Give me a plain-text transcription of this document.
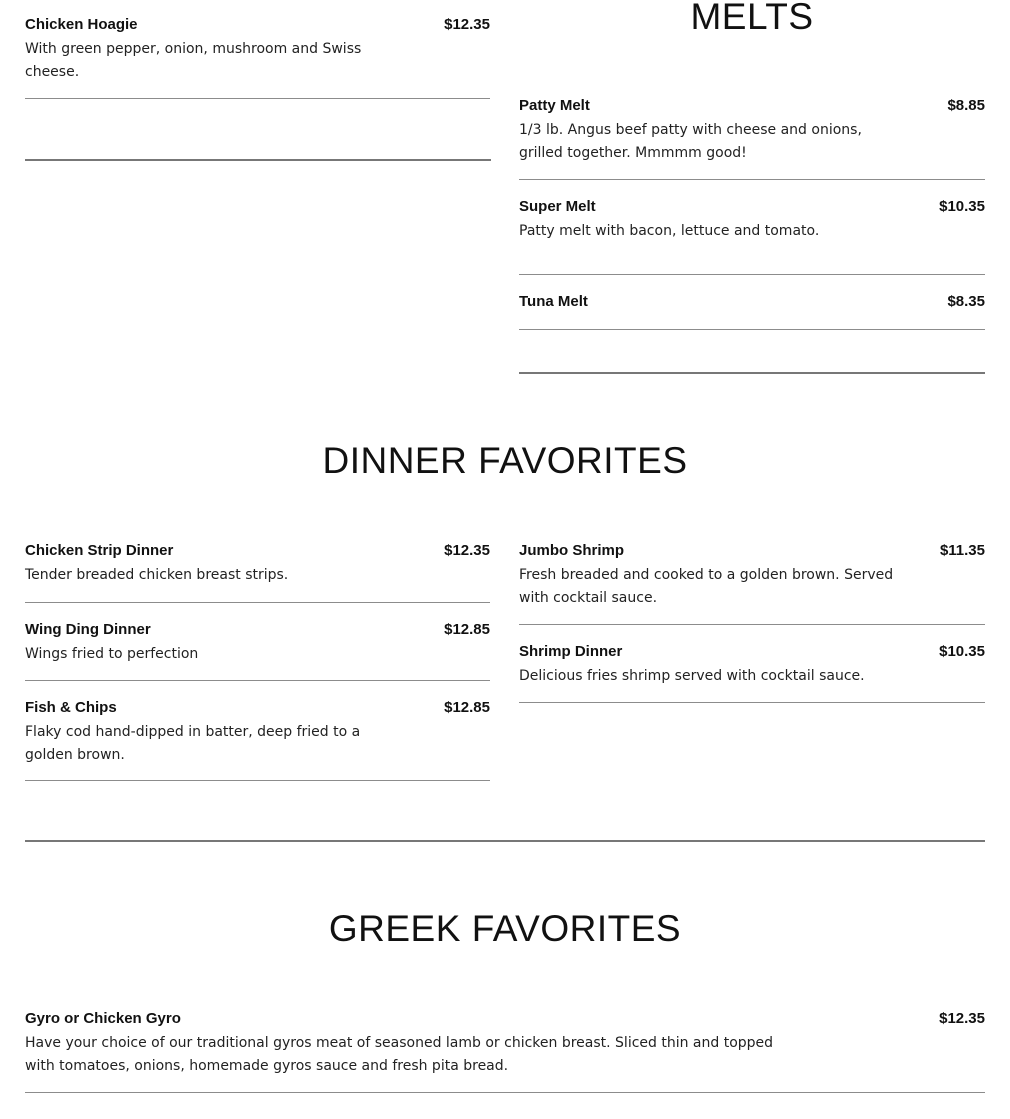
Chicken Hoagie	$12.35
With green pepper, onion, mushroom and Swiss cheese.
MELTS
Patty Melt	$8.85
1/3 lb. Angus beef patty with cheese and onions, grilled together. Mmmmm good!
Super Melt	$10.35
Patty melt with bacon, lettuce and tomato.
Tuna Melt	$8.35
DINNER FAVORITES
Chicken Strip Dinner	$12.35
Tender breaded chicken breast strips.
Wing Ding Dinner	$12.85
Wings fried to perfection
Fish & Chips	$12.85
Flaky cod hand-dipped in batter, deep fried to a golden brown.
Jumbo Shrimp	$11.35
Fresh breaded and cooked to a golden brown. Served with cocktail sauce.
Shrimp Dinner	$10.35
Delicious fries shrimp served with cocktail sauce.
GREEK FAVORITES
Gyro or Chicken Gyro	$12.35
Have your choice of our traditional gyros meat of seasoned lamb or chicken breast. Sliced thin and topped with tomatoes, onions, homemade gyros sauce and fresh pita bread.
